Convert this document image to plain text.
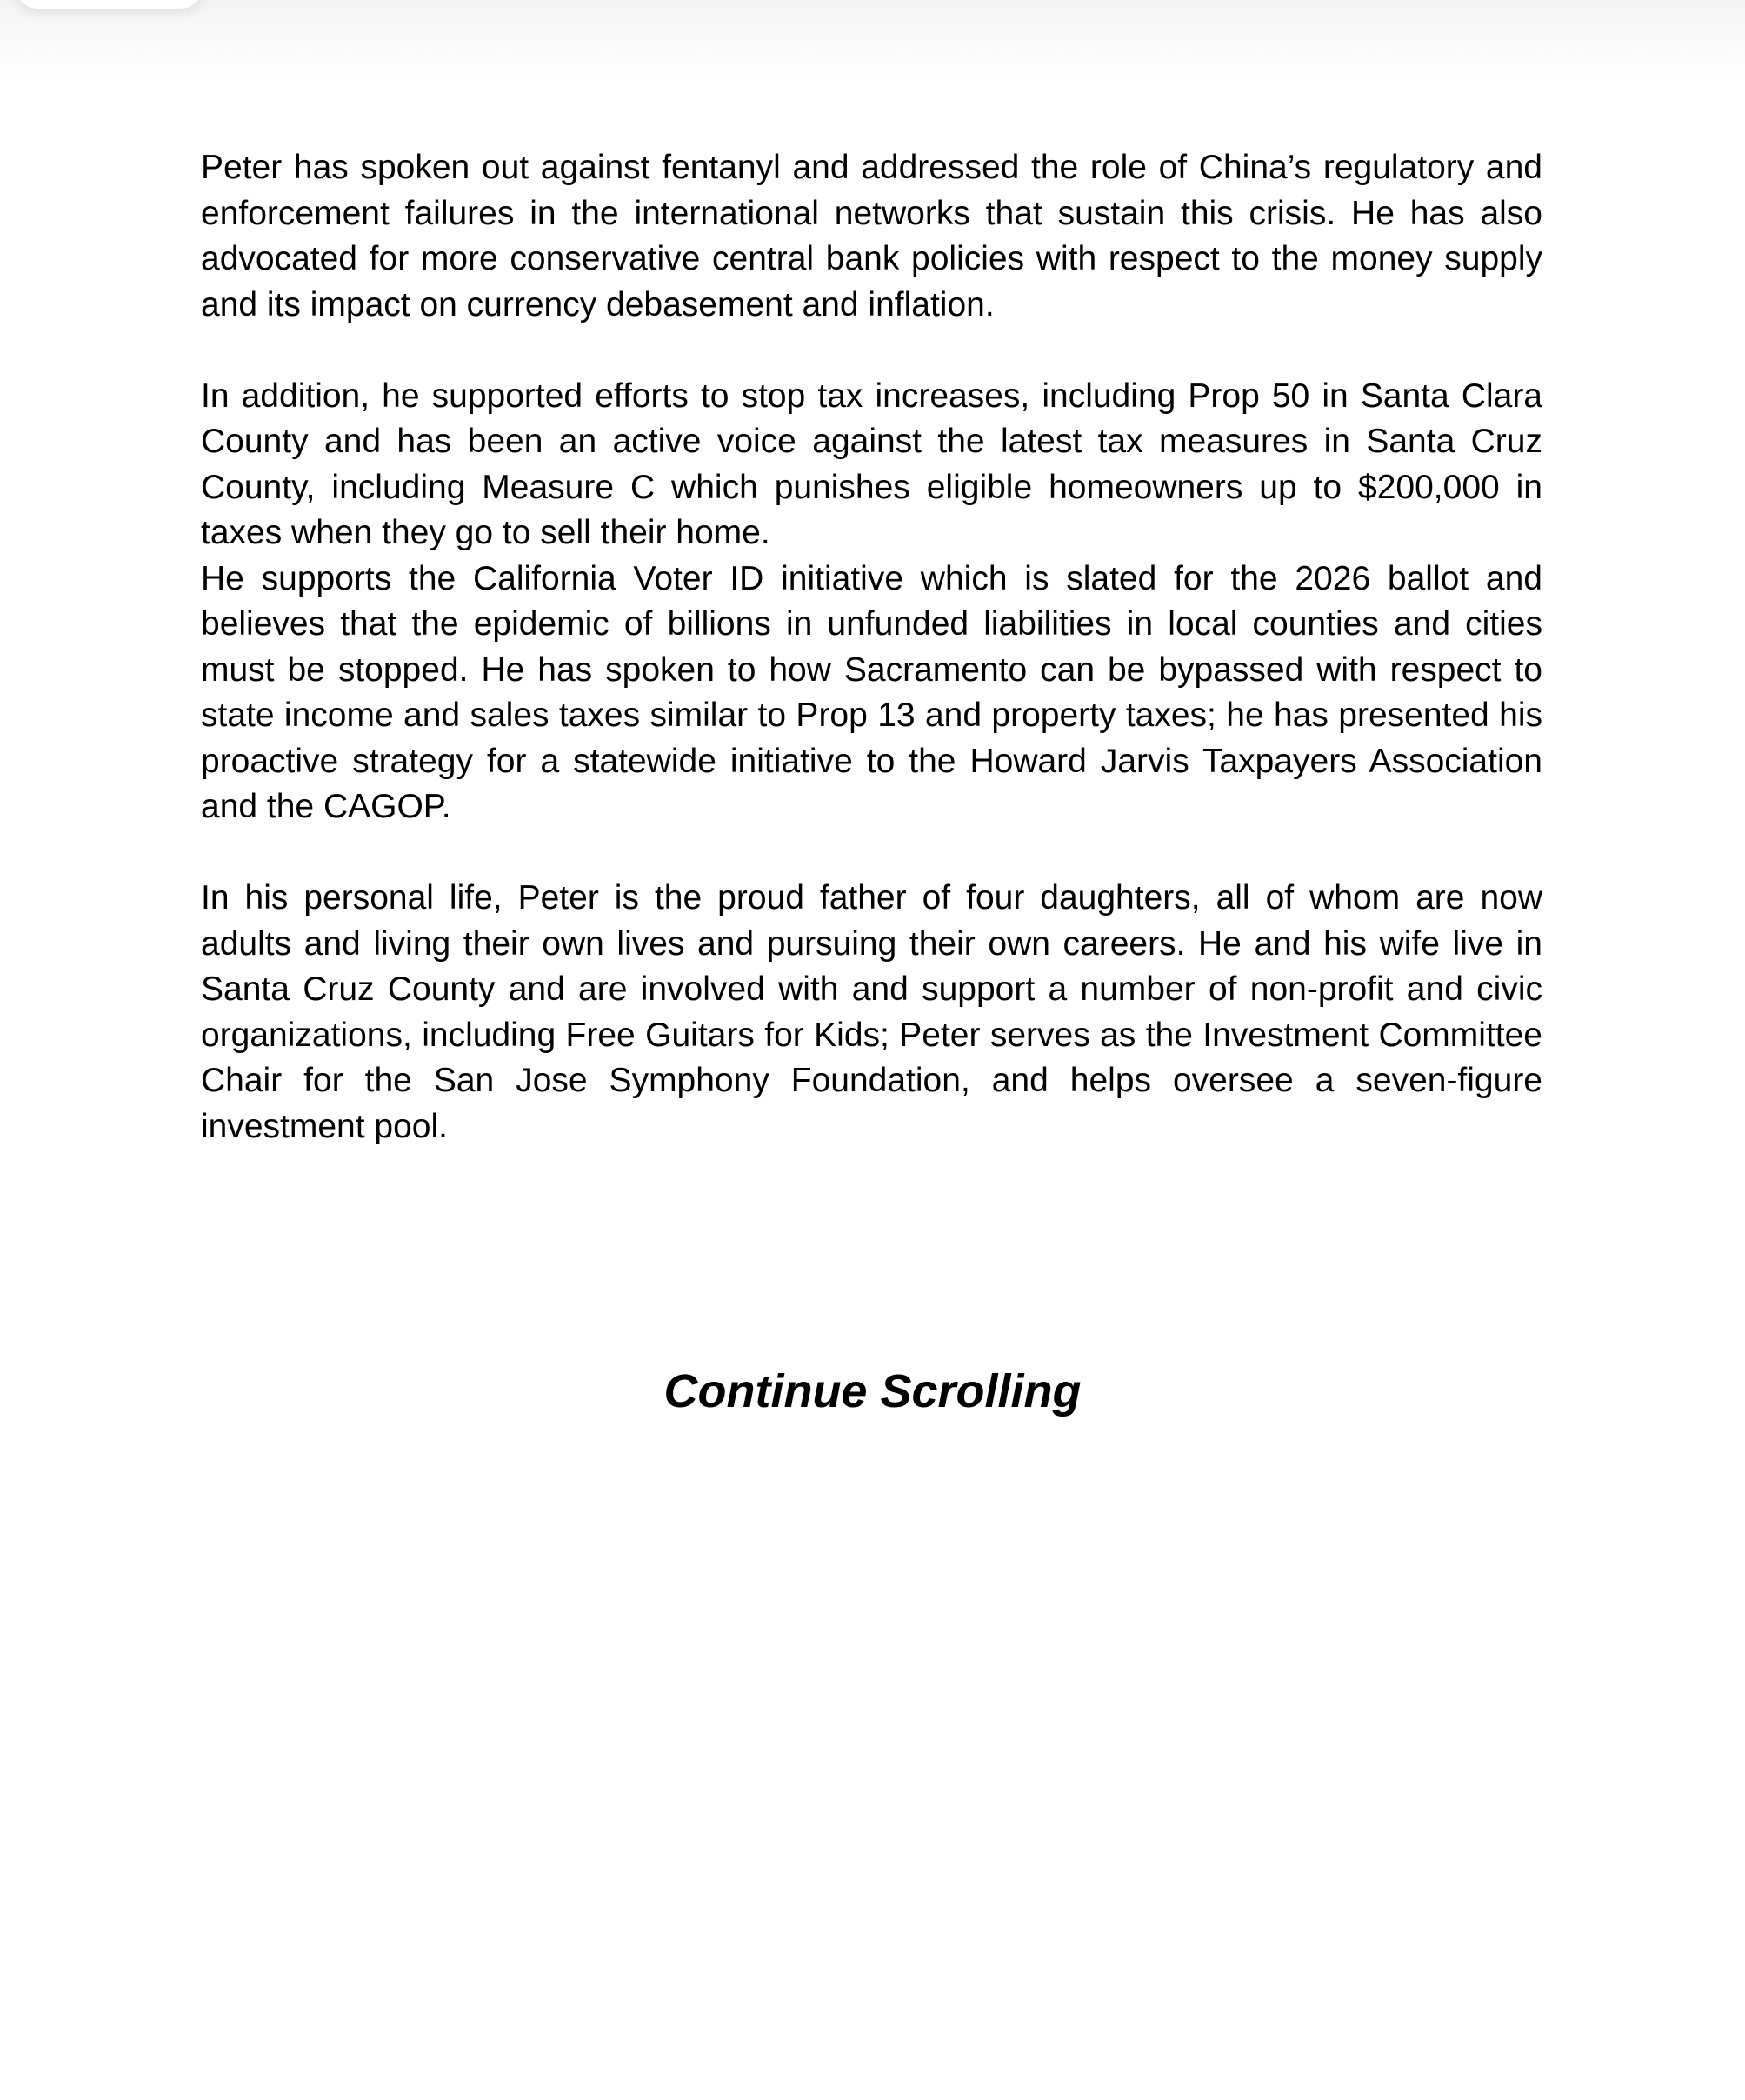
Peter has spoken out against fentanyl and addressed the role of China’s regulatory and enforcement failures in the international networks that sustain this crisis. He has also advocated for more conservative central bank policies with respect to the money supply and its impact on currency debasement and inflation.

In addition, he supported efforts to stop tax increases, including Prop 50 in Santa Clara County and has been an active voice against the latest tax measures in Santa Cruz County, including Measure C which punishes eligible homeowners up to $200,000 in taxes when they go to sell their home.

He supports the California Voter ID initiative which is slated for the 2026 ballot and believes that the epidemic of billions in unfunded liabilities in local counties and cities must be stopped. He has spoken to how Sacramento can be bypassed with respect to state income and sales taxes similar to Prop 13 and property taxes; he has presented his proactive strategy for a statewide initiative to the Howard Jarvis Taxpayers Association and the CAGOP.

In his personal life, Peter is the proud father of four daughters, all of whom are now adults and living their own lives and pursuing their own careers. He and his wife live in Santa Cruz County and are involved with and support a number of non-profit and civic organizations, including Free Guitars for Kids; Peter serves as the Investment Committee Chair for the San Jose Symphony Foundation, and helps oversee a seven-figure investment pool.

Continue Scrolling
